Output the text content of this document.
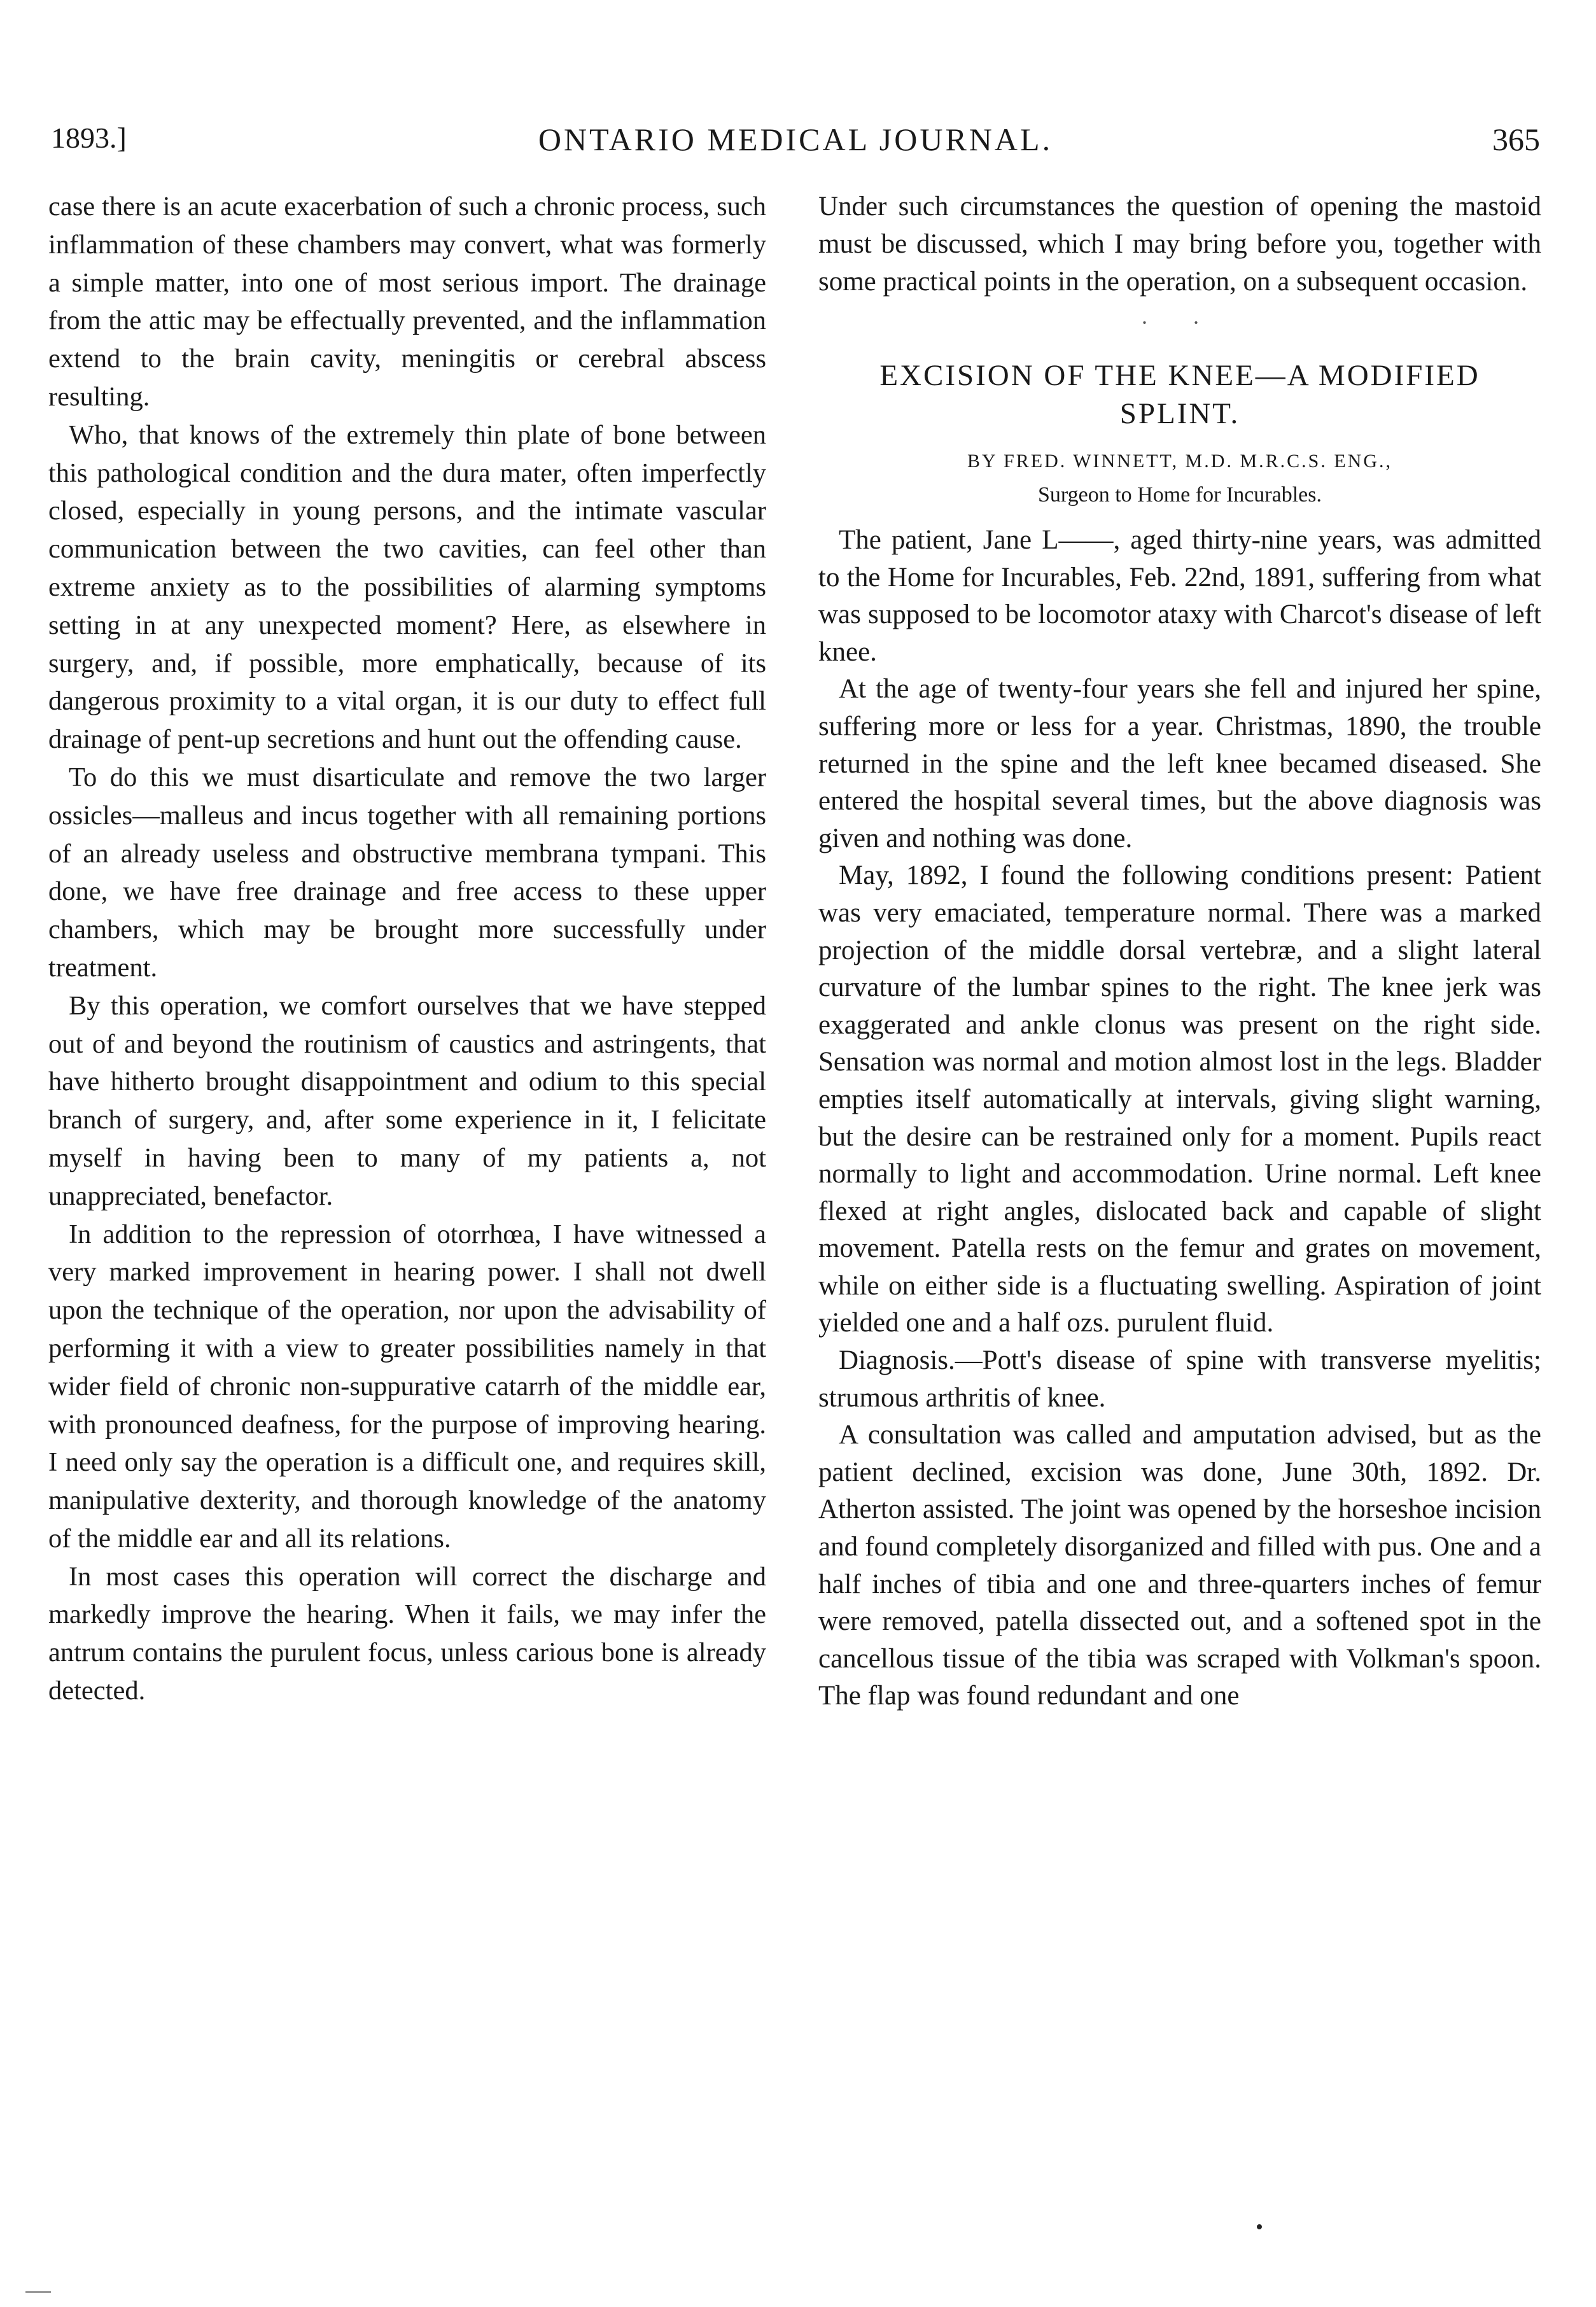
1893.]	ONTARIO MEDICAL JOURNAL.	365

case there is an acute exacerbation of such a chronic process, such inflammation of these chambers may convert, what was formerly a simple matter, into one of most serious import. The drainage from the attic may be effectually prevented, and the inflammation extend to the brain cavity, meningitis or cerebral abscess resulting.

Who, that knows of the extremely thin plate of bone between this pathological condition and the dura mater, often imperfectly closed, especially in young persons, and the intimate vascular communication between the two cavities, can feel other than extreme anxiety as to the possibilities of alarming symptoms setting in at any unexpected moment? Here, as elsewhere in surgery, and, if possible, more emphatically, because of its dangerous proximity to a vital organ, it is our duty to effect full drainage of pent-up secretions and hunt out the offending cause.

To do this we must disarticulate and remove the two larger ossicles—malleus and incus together with all remaining portions of an already useless and obstructive membrana tympani. This done, we have free drainage and free access to these upper chambers, which may be brought more successfully under treatment.

By this operation, we comfort ourselves that we have stepped out of and beyond the routinism of caustics and astringents, that have hitherto brought disappointment and odium to this special branch of surgery, and, after some experience in it, I felicitate myself in having been to many of my patients a, not unappreciated, benefactor.

In addition to the repression of otorrhœa, I have witnessed a very marked improvement in hearing power. I shall not dwell upon the technique of the operation, nor upon the advisability of performing it with a view to greater possibilities namely in that wider field of chronic non-suppurative catarrh of the middle ear, with pronounced deafness, for the purpose of improving hearing. I need only say the operation is a difficult one, and requires skill, manipulative dexterity, and thorough knowledge of the anatomy of the middle ear and all its relations.

In most cases this operation will correct the discharge and markedly improve the hearing. When it fails, we may infer the antrum contains the purulent focus, unless carious bone is already detected.

Under such circumstances the question of opening the mastoid must be discussed, which I may bring before you, together with some practical points in the operation, on a subsequent occasion.

· ·
EXCISION OF THE KNEE—A MODIFIED SPLINT.
BY FRED. WINNETT, M.D. M.R.C.S. ENG.,
Surgeon to Home for Incurables.

The patient, Jane L——, aged thirty-nine years, was admitted to the Home for Incurables, Feb. 22nd, 1891, suffering from what was supposed to be locomotor ataxy with Charcot's disease of left knee.

At the age of twenty-four years she fell and injured her spine, suffering more or less for a year. Christmas, 1890, the trouble returned in the spine and the left knee becamed diseased. She entered the hospital several times, but the above diagnosis was given and nothing was done.

May, 1892, I found the following conditions present: Patient was very emaciated, temperature normal. There was a marked projection of the middle dorsal vertebræ, and a slight lateral curvature of the lumbar spines to the right. The knee jerk was exaggerated and ankle clonus was present on the right side. Sensation was normal and motion almost lost in the legs. Bladder empties itself automatically at intervals, giving slight warning, but the desire can be restrained only for a moment. Pupils react normally to light and accommodation. Urine normal. Left knee flexed at right angles, dislocated back and capable of slight movement. Patella rests on the femur and grates on movement, while on either side is a fluctuating swelling. Aspiration of joint yielded one and a half ozs. purulent fluid.

Diagnosis.—Pott's disease of spine with transverse myelitis; strumous arthritis of knee.

A consultation was called and amputation advised, but as the patient declined, excision was done, June 30th, 1892. Dr. Atherton assisted. The joint was opened by the horseshoe incision and found completely disorganized and filled with pus. One and a half inches of tibia and one and three-quarters inches of femur were removed, patella dissected out, and a softened spot in the cancellous tissue of the tibia was scraped with Volkman's spoon. The flap was found redundant and one
